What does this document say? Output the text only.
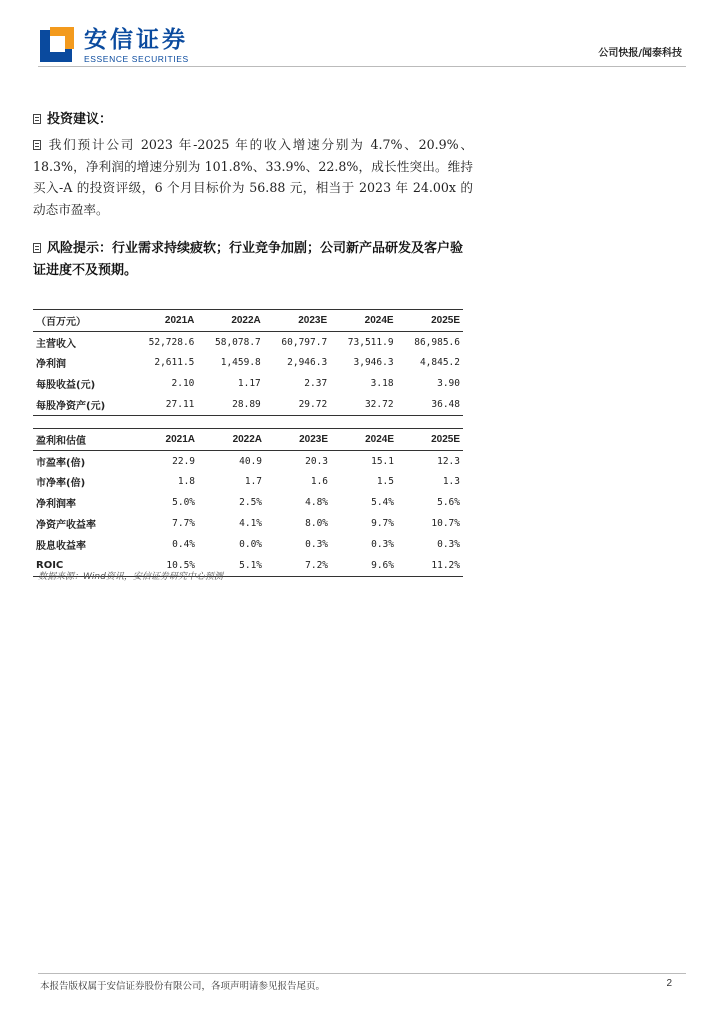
安信证券
ESSENCE SECURITIES	公司快报/闻泰科技
投资建议：
我们预计公司 2023 年-2025 年的收入增速分别为 4.7%、20.9%、18.3%，净利润的增速分别为 101.8%、33.9%、22.8%，成长性突出。维持买入-A 的投资评级，6 个月目标价为 56.88 元，相当于 2023 年 24.00x 的动态市盈率。
风险提示：行业需求持续疲软；行业竞争加剧；公司新产品研发及客户验证进度不及预期。
（百万元）	2021A	2022A	2023E	2024E	2025E
主营收入	52,728.6	58,078.7	60,797.7	73,511.9	86,985.6
净利润	2,611.5	1,459.8	2,946.3	3,946.3	4,845.2
每股收益(元)	2.10	1.17	2.37	3.18	3.90
每股净资产(元)	27.11	28.89	29.72	32.72	36.48
盈利和估值	2021A	2022A	2023E	2024E	2025E
市盈率(倍)	22.9	40.9	20.3	15.1	12.3
市净率(倍)	1.8	1.7	1.6	1.5	1.3
净利润率	5.0%	2.5%	4.8%	5.4%	5.6%
净资产收益率	7.7%	4.1%	8.0%	9.7%	10.7%
股息收益率	0.4%	0.0%	0.3%	0.3%	0.3%
ROIC	10.5%	5.1%	7.2%	9.6%	11.2%
数据来源：Wind资讯，安信证券研究中心预测
本报告版权属于安信证券股份有限公司，各项声明请参见报告尾页。	2
